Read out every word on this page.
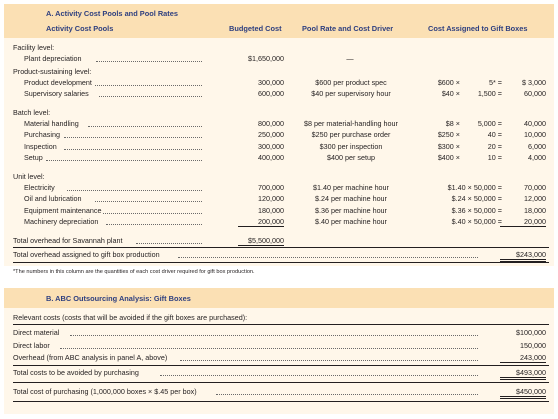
A. Activity Cost Pools and Pool Rates
Activity Cost Pools	Budgeted Cost	Pool Rate and Cost Driver	Cost Assigned to Gift Boxes
Facility level:
Plant depreciation	$1,650,000	—
Product-sustaining level:
Product development	300,000	$600 per product spec	$600 ×	5* =	$ 3,000
Supervisory salaries	600,000	$40 per supervisory hour	$40 ×	1,500 =	60,000
Batch level:
Material handling	800,000	$8 per material-handling hour	$8 ×	5,000 =	40,000
Purchasing	250,000	$250 per purchase order	$250 ×	40 =	10,000
Inspection	300,000	$300 per inspection	$300 ×	20 =	6,000
Setup	400,000	$400 per setup	$400 ×	10 =	4,000
Unit level:
Electricity	700,000	$1.40 per machine hour	$1.40 × 50,000 =	70,000
Oil and lubrication	120,000	$.24 per machine hour	$.24 × 50,000 =	12,000
Equipment maintenance	180,000	$.36 per machine hour	$.36 × 50,000 =	18,000
Machinery depreciation	200,000	$.40 per machine hour	$.40 × 50,000 =	20,000
Total overhead for Savannah plant	$5,500,000
Total overhead assigned to gift box production	$243,000
*The numbers in this column are the quantities of each cost driver required for gift box production.
B. ABC Outsourcing Analysis: Gift Boxes
Relevant costs (costs that will be avoided if the gift boxes are purchased):
Direct material	$100,000
Direct labor	150,000
Overhead (from ABC analysis in panel A, above)	243,000
Total costs to be avoided by purchasing	$493,000
Total cost of purchasing (1,000,000 boxes × $.45 per box)	$450,000
